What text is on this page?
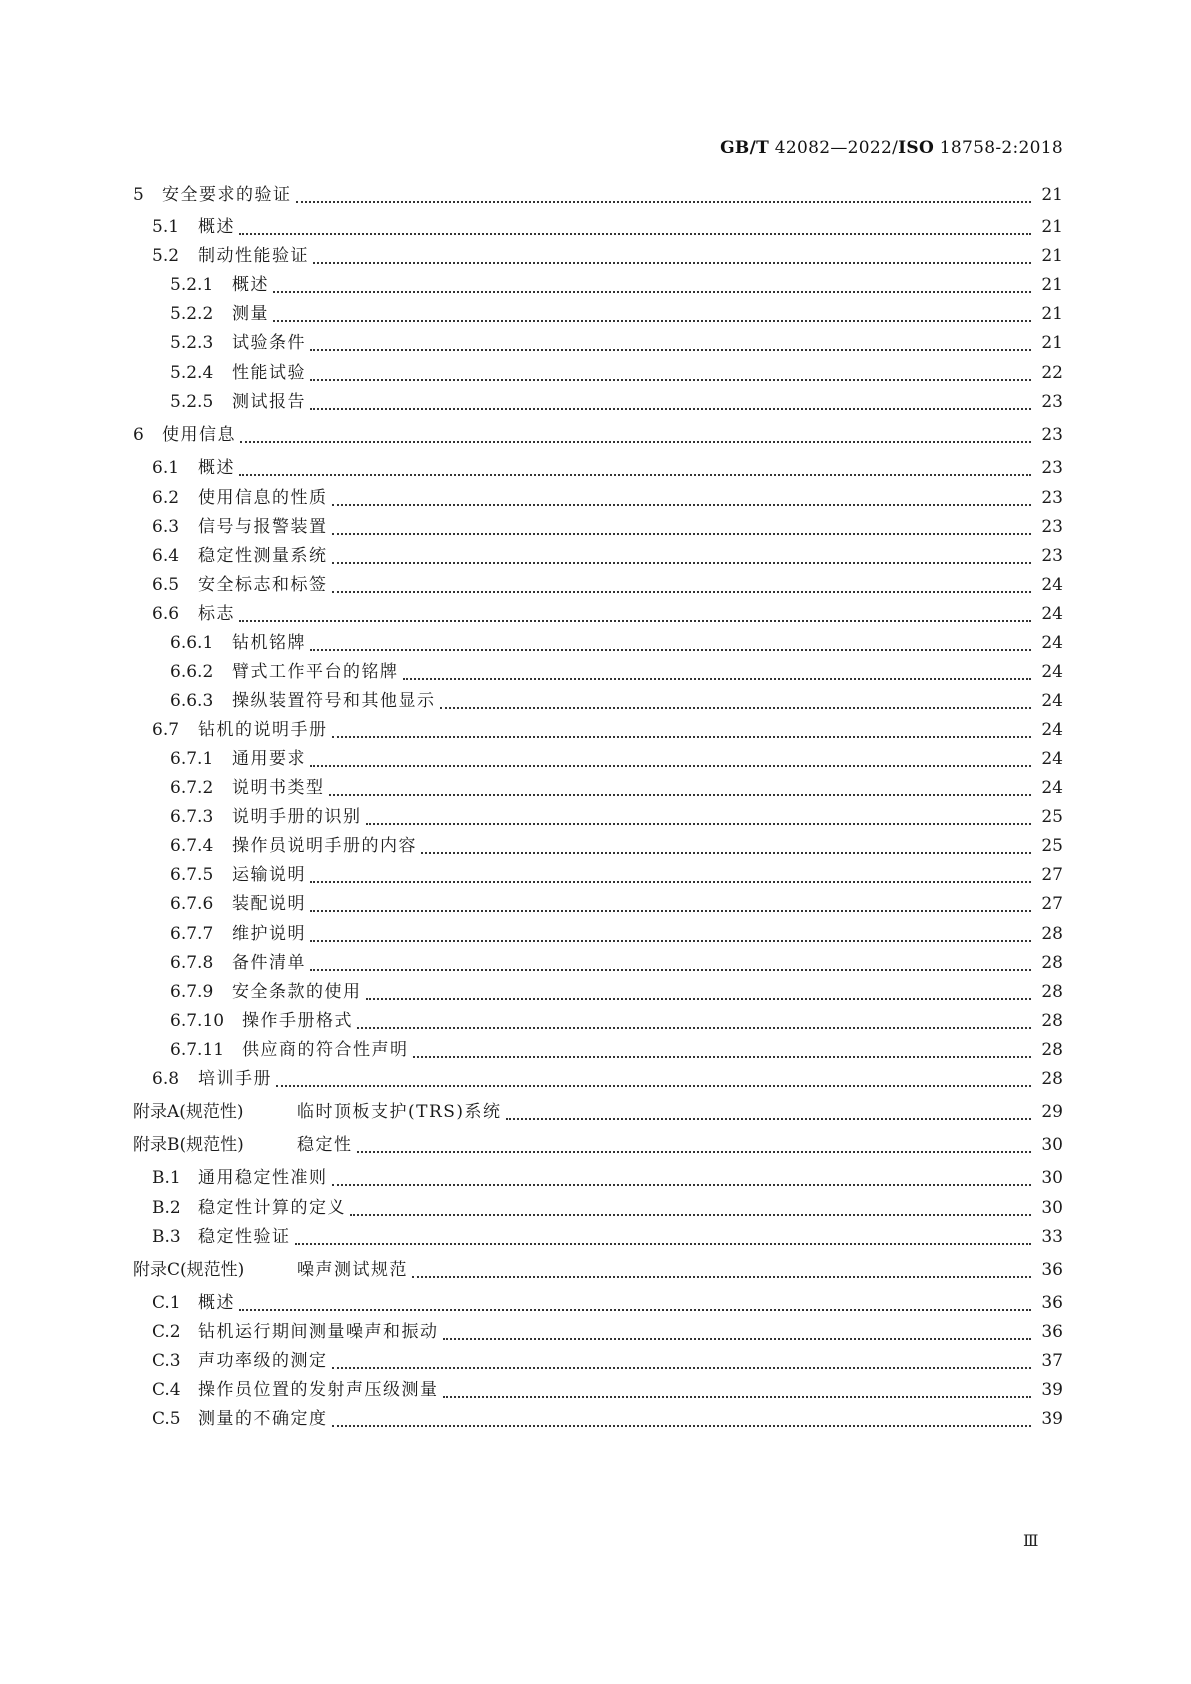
GB/T 42082—2022/ISO 18758-2:2018
5	安全要求的验证	21
5.1	概述	21
5.2	制动性能验证	21
5.2.1	概述	21
5.2.2	测量	21
5.2.3	试验条件	21
5.2.4	性能试验	22
5.2.5	测试报告	23
6	使用信息	23
6.1	概述	23
6.2	使用信息的性质	23
6.3	信号与报警装置	23
6.4	稳定性测量系统	23
6.5	安全标志和标签	24
6.6	标志	24
6.6.1	钻机铭牌	24
6.6.2	臂式工作平台的铭牌	24
6.6.3	操纵装置符号和其他显示	24
6.7	钻机的说明手册	24
6.7.1	通用要求	24
6.7.2	说明书类型	24
6.7.3	说明手册的识别	25
6.7.4	操作员说明手册的内容	25
6.7.5	运输说明	27
6.7.6	装配说明	27
6.7.7	维护说明	28
6.7.8	备件清单	28
6.7.9	安全条款的使用	28
6.7.10	操作手册格式	28
6.7.11	供应商的符合性声明	28
6.8	培训手册	28
附录A(规范性)	临时顶板支护(TRS)系统	29
附录B(规范性)	稳定性	30
B.1	通用稳定性准则	30
B.2	稳定性计算的定义	30
B.3	稳定性验证	33
附录C(规范性)	噪声测试规范	36
C.1	概述	36
C.2	钻机运行期间测量噪声和振动	36
C.3	声功率级的测定	37
C.4	操作员位置的发射声压级测量	39
C.5	测量的不确定度	39
Ⅲ
